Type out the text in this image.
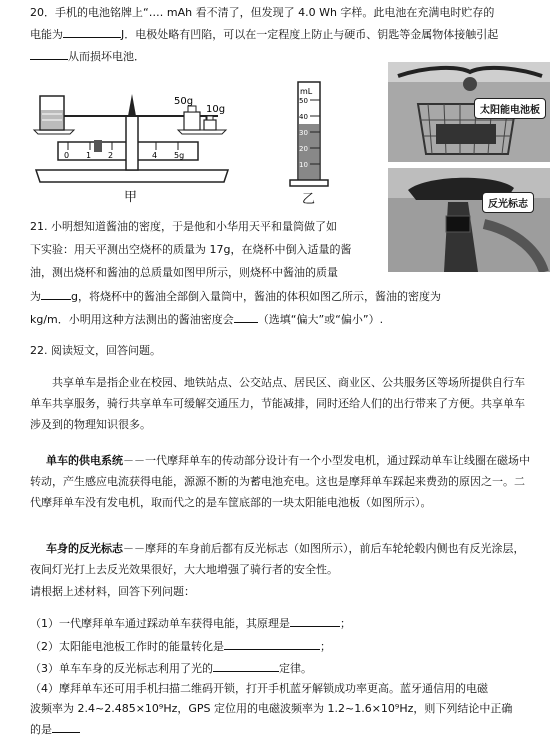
20．手机的电池铭牌上“‥‥ mAh 看不清了，但发现了 4.0 Wh 字样。此电池在充满电时贮存的
电能为	J．电极处略有凹陷，可以在一定程度上防止与硬币、钥匙等金属物体接触引起
从而损坏电池．
0 1 2	4 5g
50g
10g
甲
mL
50
40
30
20
10
乙
太阳能电池板
反光标志
21. 小明想知道酱油的密度，于是他和小华用天平和量筒做了如
下实验：用天平测出空烧杯的质量为 17g，在烧杯中倒入适量的酱
油，测出烧杯和酱油的总质量如图甲所示，则烧杯中酱油的质量
为	g，将烧杯中的酱油全部倒入量筒中，酱油的体积如图乙所示，酱油的密度为
kg/m．小明用这种方法测出的酱油密度会 （选填“偏大”或“偏小”）.
22. 阅读短文，回答问题。
共享单车是指企业在校园、地铁站点、公交站点、居民区、商业区、公共服务区等场所提供自行车单车共享服务，骑行共享单车可缓解交通压力，节能减排，同时还给人们的出行带来了方便。共享单车涉及到的物理知识很多。
单车的供电系统－－一代摩拜单车的传动部分设计有一个小型发电机，通过踩动单车让线圈在磁场中转动，产生感应电流获得电能，源源不断的为蓄电池充电。这也是摩拜单车踩起来费劲的原因之一。二代摩拜单车没有发电机，取而代之的是车筐底部的一块太阳能电池板（如图所示）。
车身的反光标志－－摩拜的车身前后都有反光标志（如图所示），前后车轮轮毂内侧也有反光涂层，夜间灯光打上去反光效果很好，大大地增强了骑行者的安全性。
请根据上述材料，回答下列问题：
（1）一代摩拜单车通过踩动单车获得电能，其原理是	；
（2）太阳能电池板工作时的能量转化是	；
（3）单车车身的反光标志利用了光的	定律。
（4）摩拜单车还可用手机扫描二维码开锁，打开手机蓝牙解锁成功率更高。蓝牙通信用的电磁
波频率为 2.4~2.485×10⁹Hz，GPS 定位用的电磁波频率为 1.2~1.6×10⁹Hz，则下列结论中正确
的是
